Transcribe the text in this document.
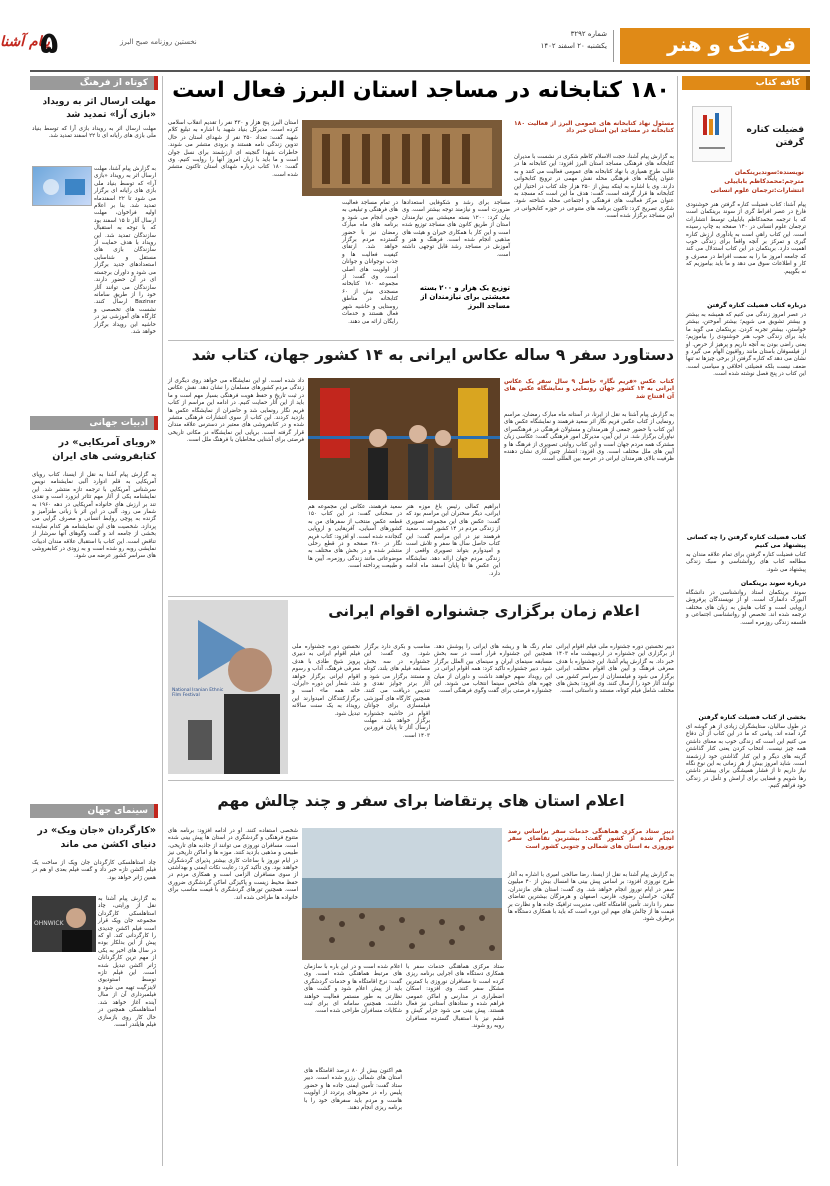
فرهنگ و هنر
شماره ۳۲۹۲
یکشنبه ۲۰ اسفند ۱۴۰۲
نخستین روزنامه صبح البرز
پیام آشنا
۵
کافه کتاب
فضیلت کناره گرفتن
نویسنده:سوندبرینکمان
مترجم:محمدکاظم باباییلی
انتشارات:ترجمان علوم انسانی
پیام آشنا: کتاب فضیلت کناره گرفتن هنر خوشنودی فارغ در عصر افراط گری از سوند برینکمان است که با ترجمه محمدکاظم باباییلی توسط انتشارات ترجمان علوم انسانی در ۱۴۰ صفحه به چاپ رسیده است. این کتاب راهی است به یادآوری ارزش کناره گیری و تمرکز بر آنچه واقعاً برای زندگی خوب اهمیت دارد. برینکمان در این کتاب استدلال می کند که جامعه امروز ما را به سمت افراط در مصرف و کار و اطلاعات سوق می دهد و ما باید بیاموزیم که نه بگوییم.
درباره کتاب فضیلت کناره گرفتن
در عصر امروز زندگی می کنیم که همیشه به بیشتر و بیشتر تشویق می شویم؛ بیشتر آموختن، بیشتر خواستن، بیشتر تجربه کردن. برینکمان می گوید ما باید برای زندگی خوب هنر خوشنودی را بیاموزیم؛ یعنی راضی بودن به آنچه داریم و پرهیز از حرص. او از فیلسوفان باستان مانند رواقیون الهام می گیرد و نشان می دهد که کناره گرفتن از برخی چیزها نه تنها ضعف نیست بلکه فضیلتی اخلاقی و سیاسی است. این کتاب در پنج فصل نوشته شده است.
کتاب فضیلت کناره گرفتن را چه کسانی پیشنهاد می کنیم
کتاب فضیلت کناره گرفتن برای تمام علاقه مندان به مطالعه کتاب های روانشناسی و سبک زندگی پیشنهاد می شود.
درباره سوند برینکمان
سوند برینکمان استاد روانشناسی در دانشگاه آلبورگ دانمارک است. او از نویسندگان پرفروش اروپایی است و کتاب هایش به زبان های مختلف ترجمه شده اند. تخصص او روانشناسی اجتماعی و فلسفه زندگی روزمره است.
بخشی از کتاب فضیلت کناره گرفتن
در طول سالیان، ستایشگران زیادی از هر گوشه ای گرد آمده اند. پیامی که ما در این کتاب از آن دفاع می کنیم این است که زندگی خوب به معنای داشتن همه چیز نیست. انتخاب کردن یعنی کنار گذاشتن گزینه های دیگر و این کنار گذاشتن خود ارزشمند است. شاید امروز بیش از هر زمانی به این نوع نگاه نیاز داریم تا از فشار همیشگی برای بیشتر داشتن رها شویم و فضایی برای آرامش و تأمل در زندگی خود فراهم کنیم.
کوتاه از فرهنگ
مهلت ارسال اثر به رویداد «بازی آرا» تمدید شد
مهلت ارسال اثر به رویداد بازی آرا که توسط بنیاد ملی بازی های رایانه ای تا ۲۲ اسفند تمدید شد.
به گزارش پیام آشنا، مهلت ارسال اثر به رویداد «بازی آرا» که توسط بنیاد ملی بازی های رایانه ای برگزار می شود تا ۲۲ اسفندماه تمدید شد. بنا بر اعلام اولیه فراخوان، مهلت ارسال آثار تا ۱۵ اسفند بود که با توجه به استقبال سازندگان تمدید شد. این رویداد با هدف حمایت از سازندگان بازی های مستقل و شناسایی استعدادهای جدید برگزار می شود و داوران برجسته ای در آن حضور دارند. سازندگان می توانند آثار خود را از طریق سامانه Bazinar ارسال کنند. نشست های تخصصی و کارگاه های آموزشی نیز در حاشیه این رویداد برگزار خواهد شد.
ادبیات جهانی
«رویای آمریکایی» در کتابفروشی های ایران
به گزارش پیام آشنا به نقل از ایسنا، کتاب رویای آمریکایی به قلم ادوارد آلبی نمایشنامه نویس سرشناس آمریکایی با ترجمه تازه منتشر شد. این نمایشنامه یکی از آثار مهم تئاتر ابزورد است و نقدی تند بر ارزش های خانواده آمریکایی در دهه ۱۹۶۰ به شمار می رود. آلبی در این اثر با زبانی طنزآمیز و گزنده به پوچی روابط انسانی و مصرف گرایی می پردازد. شخصیت های این نمایشنامه هر کدام نماینده بخشی از جامعه اند و گفت وگوهای آنها سرشار از تناقض است. این کتاب با استقبال علاقه مندان ادبیات نمایشی روبه رو شده است و به زودی در کتابفروشی های سراسر کشور عرضه می شود.
سینمای جهان
«کارگردان «جان ویک» در دنیای اکشن می ماند
چاد استاهلسکی کارگردان جان ویک از ساخت یک فیلم اکشن تازه خبر داد و گفت فیلم بعدی او هم در همین ژانر خواهد بود.
OHNWICK
به گزارش پیام آشنا به نقل از ورایتی، چاد استاهلسکی کارگردان مجموعه جان ویک قرار است فیلم اکشن جدیدی را کارگردانی کند. او که پیش از این بدلکار بوده در سال های اخیر به یکی از مهم ترین کارگردانان ژانر اکشن تبدیل شده است. این فیلم تازه توسط استودیوی لاینزگیت تهیه می شود و فیلمبرداری آن از سال آینده آغاز خواهد شد. استاهلسکی همچنین در حال کار روی بازسازی فیلم هایلندر است.
۱۸۰ کتابخانه در مساجد استان البرز فعال است
مسئول نهاد کتابخانه های عمومی البرز از فعالیت ۱۸۰ کتابخانه در مساجد این استان خبر داد
به گزارش پیام آشنا، حجت الاسلام کاظم شکری در نشست با مدیران کتابخانه های فرهنگی مساجد استان البرز افزود: این کتابخانه ها در قالب طرح همیاری با نهاد کتابخانه های عمومی فعالیت می کنند و به عنوان پایگاه های فرهنگی محله نقش مهمی در ترویج کتابخوانی دارند. وی با اشاره به اینکه بیش از ۲۵۰ هزار جلد کتاب در اختیار این کتابخانه ها قرار گرفته است، گفت: هدف ما این است که مسجد به عنوان مرکز فعالیت های فرهنگی و اجتماعی محله شناخته شود. شکری تصریح کرد: تاکنون برنامه های متنوعی در حوزه کتابخوانی در این مساجد برگزار شده است.
مساجد برای رشد و شکوفایی استعدادها ضرورت است و نیازمند توجه بیشتر است. وی بیان کرد: ۱۲۰۰ بسته معیشتی بین نیازمندان استان از طریق کانون های مساجد توزیع شده است و این کار با همکاری خیران و هیئت های مذهبی انجام شده است. فرهنگ و هنر و آموزش در مساجد رشد قابل توجهی داشته است.
توزیع یک هزار و ۲۰۰ بسته معیشتی برای نیازمندان از مساجد البرز
در تمام مساجد فعالیت های فرهنگی و تبلیغی به خوبی انجام می شود و برنامه های ماه مبارک رمضان نیز با حضور گسترده مردم برگزار خواهد شد. ارتقای کیفیت فعالیت ها و جذب نوجوانان و جوانان از اولویت های اصلی است. وی گفت: از مجموعه ۱۸۰ کتابخانه مسجدی بیش از ۶۰ کتابخانه در مناطق روستایی و حاشیه شهر فعال هستند و خدمات رایگان ارائه می دهند.
استان البرز پنج هزار و ۴۳۰ نفر را تقدیم انقلاب اسلامی کرده است. مدیرکل بنیاد شهید با اشاره به تبلیغ کلام شهید گفت: تعداد ۲۵۰ نفر از شهدای استان در حال تدوین زندگی نامه هستند و بزودی منتشر می شوند. خاطرات شهدا گنجینه ای ارزشمند برای نسل جوان است و ما باید با زبان امروز آنها را روایت کنیم. وی گفت: ۱۸۰ کتاب درباره شهدای استان تاکنون منتشر شده است.
دستاورد سفر ۹ ساله عکاس ایرانی به ۱۴ کشور جهان، کتاب شد
کتاب عکس «فریم نگار» حاصل ۹ سال سفر یک عکاس ایرانی به ۱۴ کشور جهان رونمایی و نمایشگاه عکس های آن افتتاح شد
به گزارش پیام آشنا به نقل از ایرنا، در آستانه ماه مبارک رمضان، مراسم رونمایی از کتاب عکس فریم نگار اثر سعید فرهمند و نمایشگاه عکس های این کتاب با حضور جمعی از هنرمندان و مسئولان فرهنگی در فرهنگسرای نیاوران برگزار شد. در این آیین، مدیرکل امور فرهنگی گفت: عکاسی زبان مشترک همه مردم جهان است و این کتاب روایتی تصویری از فرهنگ ها و آیین های ملل مختلف است. وی افزود: انتشار چنین آثاری نشان دهنده ظرفیت بالای هنرمندان ایرانی در عرصه بین المللی است.
ابراهیم کمالی رئیس باغ موزه هنر ایرانی، دیگر سخنران این مراسم بود که گفت: عکس های این مجموعه تصویری از زندگی مردم در ۱۴ کشور است. سعید فرهمند نیز در این مراسم گفت: این کتاب حاصل سال ها سفر و تلاش است و امیدوارم بتواند تصویری واقعی از زندگی مردم جهان ارائه دهد. نمایشگاه این عکس ها تا پایان اسفند ماه ادامه دارد.
سعید فرهمند، عکاس این مجموعه هم در سخنانی گفت: در این کتاب ۱۵۰ قطعه عکس منتخب از سفرهای من به کشورهای آسیایی، آفریقایی و اروپایی گنجانده شده است. او افزود: کتاب فریم نگار در ۲۸۰ صفحه و در قطع رحلی منتشر شده و در بخش های مختلف به موضوعاتی مانند زندگی روزمره، آیین ها و طبیعت پرداخته است.
داد شده است. او این نمایشگاه می خواهد روی دیگری از زندگی مردم کشورهای مسلمان را نشان دهد. نقش عکاس در ثبت تاریخ و حفظ هویت فرهنگی بسیار مهم است و ما باید از این آثار حمایت کنیم. در ادامه این مراسم از کتاب فریم نگار رونمایی شد و حاضران از نمایشگاه عکس ها بازدید کردند. این کتاب از سوی انتشارات فرهنگی منتشر شده و در کتابفروشی های معتبر در دسترس علاقه مندان قرار گرفته است. برپایی این نمایشگاه در مکانی تاریخی فرصتی برای آشنایی مخاطبان با فرهنگ ملل است.
National Iranian Ethnic Film Festival
اعلام زمان برگزاری جشنواره اقوام ایرانی
دبیر نخستین دوره جشنواره ملی فیلم اقوام ایرانی از برگزاری این جشنواره در اردیبهشت ماه ۱۴۰۳ خبر داد. به گزارش پیام آشنا، این جشنواره با هدف معرفی فرهنگ و آیین های اقوام مختلف ایرانی برگزار می شود و فیلمسازان از سراسر کشور می توانند آثار خود را ارسال کنند. وی افزود: بخش های مختلف شامل فیلم کوتاه، مستند و داستانی است.
تمام رنگ ها و ریشه های ایرانی را پوشش دهد. همچنین این جشنواره قرار است در سه بخش مسابقه سینمای ایران و سینمای بین الملل برگزار شود. دبیر جشنواره تأکید کرد: همه اقوام ایرانی در این رویداد سهم خواهند داشت و داوران از میان چهره های شاخص سینما انتخاب می شوند. این جشنواره فرصتی برای گفت وگوی فرهنگی است.
مناسب و بکری دارد برگزار شود. وی گفت: این جشنواره در سه بخش مسابقه فیلم های بلند، کوتاه و مستند برگزار می شود و آثار برتر جوایز نقدی و تندیس دریافت می کنند. همچنین کارگاه های آموزشی فیلمسازی برای جوانان اقوام در حاشیه جشنواره برگزار خواهد شد. مهلت ارسال آثار تا پایان فروردین ۱۴۰۳ است.
نخستین دوره جشنواره ملی فیلم اقوام ایرانی به دبیری پرویز شیخ طادی با هدف معرفی فرهنگ، آداب و رسوم اقوام ایرانی برگزار خواهد شد. شعار این دوره «ایران، خانه همه ما» است و برگزارکنندگان امیدوارند این رویداد به یک سنت سالانه تبدیل شود.
اعلام استان های پرتقاضا برای سفر و چند چالش مهم
دبیر ستاد مرکزی هماهنگی خدمات سفر براساس رصد انجام شده از کشور گفت: بیشترین تقاضای سفر نوروزی به استان های شمالی و جنوبی کشور است
به گزارش پیام آشنا به نقل از ایسنا، رضا صالحی امیری با اشاره به آغاز طرح نوروزی افزود: بر اساس پیش بینی ها امسال بیش از ۴۰ میلیون سفر در ایام نوروز انجام خواهد شد. وی گفت: استان های مازندران، گیلان، خراسان رضوی، فارس، اصفهان و هرمزگان بیشترین تقاضای سفر را دارند. تأمین اقامتگاه کافی، مدیریت ترافیک جاده ها و نظارت بر قیمت ها از چالش های مهم این دوره است که باید با همکاری دستگاه ها برطرف شود.
ستاد مرکزی هماهنگی خدمات سفر با همکاری دستگاه های اجرایی برنامه ریزی کرده است تا مسافران نوروزی با کمترین مشکل سفر کنند. وی افزود: اسکان اضطراری در مدارس و اماکن عمومی فراهم شده و ستادهای استانی نیز فعال هستند. پیش بینی می شود جزایر کیش و قشم نیز با استقبال گسترده مسافران روبه رو شوند.
اعلام شده است و در این باره با سازمان های مرتبط هماهنگی شده است. وی گفت: نرخ اقامتگاه ها و خدمات گردشگری باید از پیش اعلام شود و گشت های نظارتی به طور مستمر فعالیت خواهند داشت. همچنین سامانه ای برای ثبت شکایات مسافران طراحی شده است.
هم اکنون بیش از ۸۰ درصد اقامتگاه های استان های شمالی رزرو شده است. دبیر ستاد گفت: تأمین ایمنی جاده ها و حضور پلیس راه در محورهای پرتردد از اولویت هاست و مردم باید سفرهای خود را با برنامه ریزی انجام دهند.
شخصی استفاده کنند. او در ادامه افزود: برنامه های متنوع فرهنگی و گردشگری در استان ها پیش بینی شده است. مسافران نوروزی می توانند از جاذبه های تاریخی، طبیعی و مذهبی بازدید کنند. موزه ها و اماکن تاریخی نیز در ایام نوروز با ساعات کاری بیشتر پذیرای گردشگران خواهند بود. وی تأکید کرد: رعایت نکات ایمنی و بهداشتی از سوی مسافران الزامی است و همکاری مردم در حفظ محیط زیست و پاکیزگی اماکن گردشگری ضروری است. همچنین تورهای گردشگری با قیمت مناسب برای خانواده ها طراحی شده اند.
